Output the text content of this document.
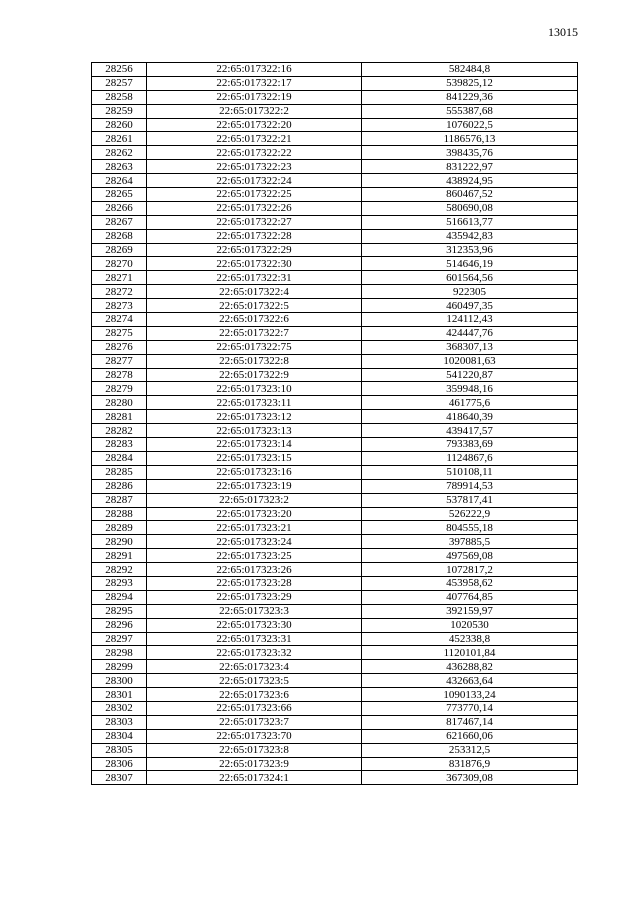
13015
28256	22:65:017322:16	582484,8
28257	22:65:017322:17	539825,12
28258	22:65:017322:19	841229,36
28259	22:65:017322:2	555387,68
28260	22:65:017322:20	1076022,5
28261	22:65:017322:21	1186576,13
28262	22:65:017322:22	398435,76
28263	22:65:017322:23	831222,97
28264	22:65:017322:24	438924,95
28265	22:65:017322:25	860467,52
28266	22:65:017322:26	580690,08
28267	22:65:017322:27	516613,77
28268	22:65:017322:28	435942,83
28269	22:65:017322:29	312353,96
28270	22:65:017322:30	514646,19
28271	22:65:017322:31	601564,56
28272	22:65:017322:4	922305
28273	22:65:017322:5	460497,35
28274	22:65:017322:6	124112,43
28275	22:65:017322:7	424447,76
28276	22:65:017322:75	368307,13
28277	22:65:017322:8	1020081,63
28278	22:65:017322:9	541220,87
28279	22:65:017323:10	359948,16
28280	22:65:017323:11	461775,6
28281	22:65:017323:12	418640,39
28282	22:65:017323:13	439417,57
28283	22:65:017323:14	793383,69
28284	22:65:017323:15	1124867,6
28285	22:65:017323:16	510108,11
28286	22:65:017323:19	789914,53
28287	22:65:017323:2	537817,41
28288	22:65:017323:20	526222,9
28289	22:65:017323:21	804555,18
28290	22:65:017323:24	397885,5
28291	22:65:017323:25	497569,08
28292	22:65:017323:26	1072817,2
28293	22:65:017323:28	453958,62
28294	22:65:017323:29	407764,85
28295	22:65:017323:3	392159,97
28296	22:65:017323:30	1020530
28297	22:65:017323:31	452338,8
28298	22:65:017323:32	1120101,84
28299	22:65:017323:4	436288,82
28300	22:65:017323:5	432663,64
28301	22:65:017323:6	1090133,24
28302	22:65:017323:66	773770,14
28303	22:65:017323:7	817467,14
28304	22:65:017323:70	621660,06
28305	22:65:017323:8	253312,5
28306	22:65:017323:9	831876,9
28307	22:65:017324:1	367309,08
